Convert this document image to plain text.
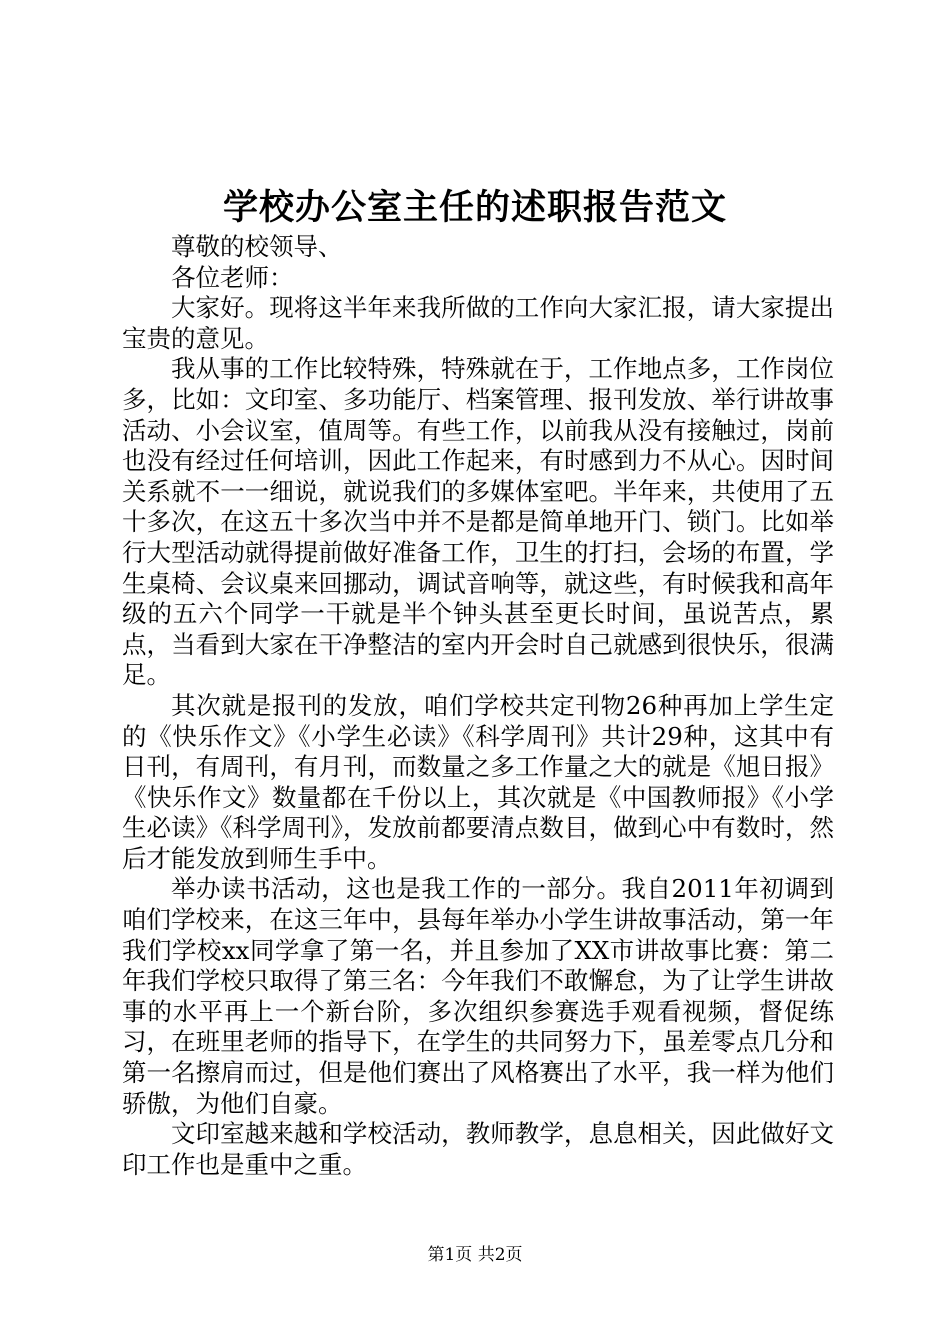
学校办公室主任的述职报告范文

尊敬的校领导、

各位老师：

大家好。现将这半年来我所做的工作向大家汇报，请大家提出宝贵的意见。

我从事的工作比较特殊，特殊就在于，工作地点多，工作岗位多，比如：文印室、多功能厅、档案管理、报刊发放、举行讲故事活动、小会议室，值周等。有些工作，以前我从没有接触过，岗前也没有经过任何培训，因此工作起来，有时感到力不从心。因时间关系就不一一细说，就说我们的多媒体室吧。半年来，共使用了五十多次，在这五十多次当中并不是都是简单地开门、锁门。比如举行大型活动就得提前做好准备工作，卫生的打扫，会场的布置，学生桌椅、会议桌来回挪动，调试音响等，就这些，有时候我和高年级的五六个同学一干就是半个钟头甚至更长时间，虽说苦点，累点，当看到大家在干净整洁的室内开会时自己就感到很快乐，很满足。

其次就是报刊的发放，咱们学校共定刊物26种再加上学生定的《快乐作文》《小学生必读》《科学周刊》共计29种，这其中有日刊，有周刊，有月刊，而数量之多工作量之大的就是《旭日报》《快乐作文》数量都在千份以上，其次就是《中国教师报》《小学生必读》《科学周刊》，发放前都要清点数目，做到心中有数时，然后才能发放到师生手中。

举办读书活动，这也是我工作的一部分。我自2011年初调到咱们学校来，在这三年中，县每年举办小学生讲故事活动，第一年我们学校xx同学拿了第一名，并且参加了XX市讲故事比赛：第二年我们学校只取得了第三名：今年我们不敢懈怠，为了让学生讲故事的水平再上一个新台阶，多次组织参赛选手观看视频，督促练习，在班里老师的指导下，在学生的共同努力下，虽差零点几分和第一名擦肩而过，但是他们赛出了风格赛出了水平，我一样为他们骄傲，为他们自豪。

文印室越来越和学校活动，教师教学，息息相关，因此做好文印工作也是重中之重。

第1页 共2页
